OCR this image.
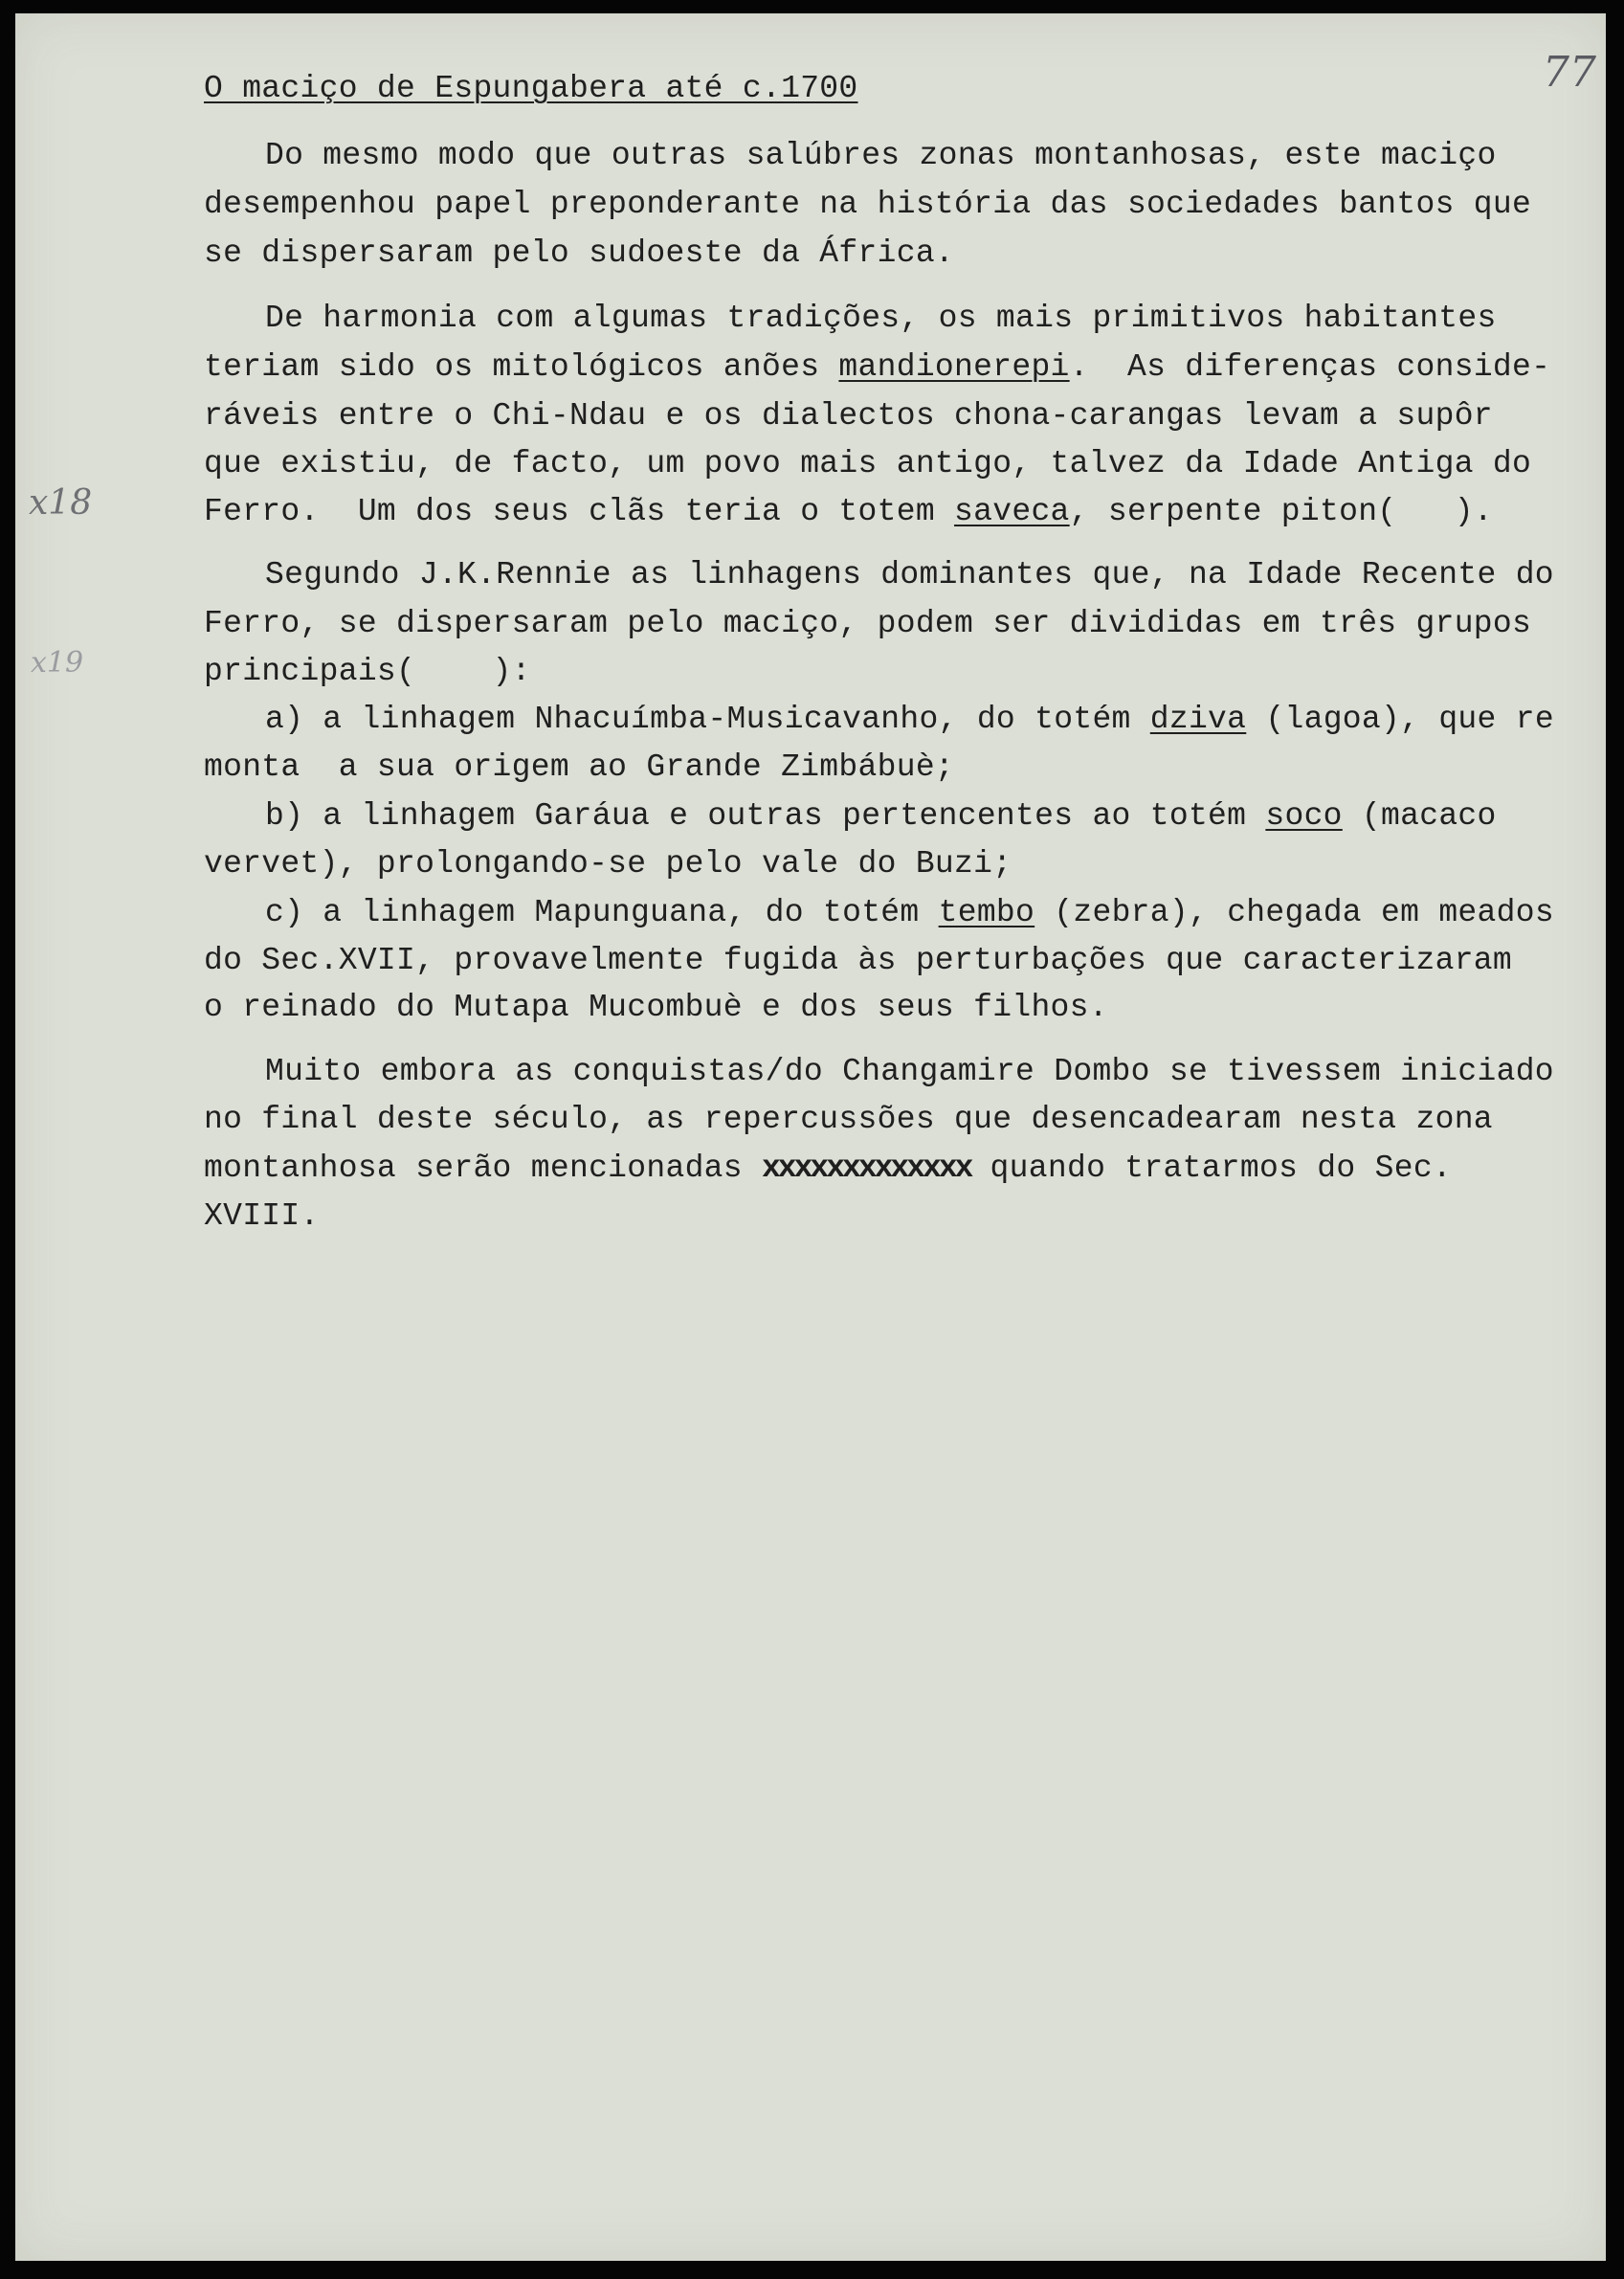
77
x18
x19
O maciço de Espungabera até c.1700
Do mesmo modo que outras salúbres zonas montanhosas, este maciço
desempenhou papel preponderante na história das sociedades bantos que
se dispersaram pelo sudoeste da África.
De harmonia com algumas tradições, os mais primitivos habitantes
teriam sido os mitológicos anões mandionerepi.  As diferenças conside-
ráveis entre o Chi-Ndau e os dialectos chona-carangas levam a supôr
que existiu, de facto, um povo mais antigo, talvez da Idade Antiga do
Ferro.  Um dos seus clãs teria o totem saveca, serpente piton(   ).
Segundo J.K.Rennie as linhagens dominantes que, na Idade Recente do
Ferro, se dispersaram pelo maciço, podem ser divididas em três grupos
principais(    ):
a) a linhagem Nhacuímba-Musicavanho, do totém dziva (lagoa), que re
monta  a sua origem ao Grande Zimbábuè;
b) a linhagem Garáua e outras pertencentes ao totém soco (macaco
vervet), prolongando-se pelo vale do Buzi;
c) a linhagem Mapunguana, do totém tembo (zebra), chegada em meados
do Sec.XVII, provavelmente fugida às perturbações que caracterizaram
o reinado do Mutapa Mucombuè e dos seus filhos.
Muito embora as conquistas/do Changamire Dombo se tivessem iniciado
no final deste século, as repercussões que desencadearam nesta zona
montanhosa serão mencionadas xxxxxxxxxxxxx quando tratarmos do Sec.
XVIII.
